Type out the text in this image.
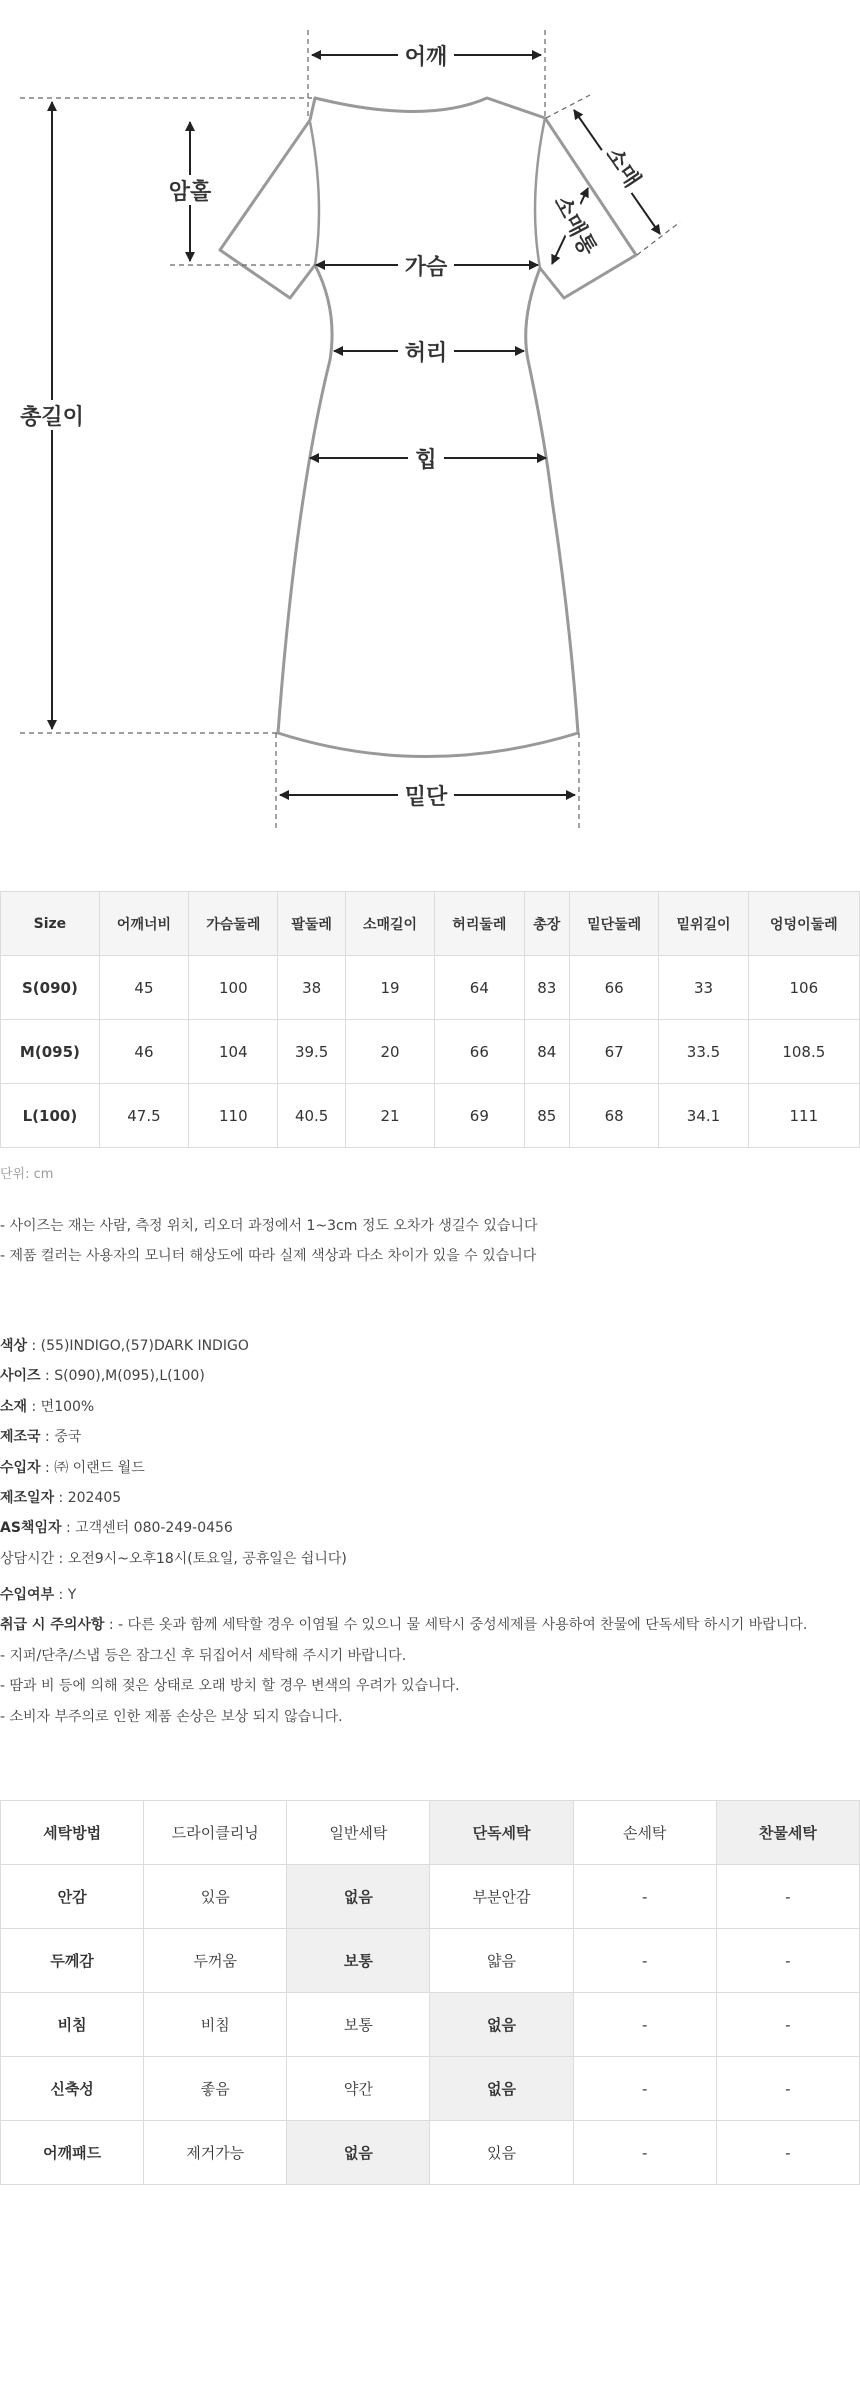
어깨
암홀
가슴
허리
총길이
힙
밑단
소매
소매통
Size	어깨너비	가슴둘레	팔둘레	소매길이	허리둘레	총장	밑단둘레	밑위길이	엉덩이둘레
S(090)	45	100	38	19	64	83	66	33	106
M(095)	46	104	39.5	20	66	84	67	33.5	108.5
L(100)	47.5	110	40.5	21	69	85	68	34.1	111
단위: cm
- 사이즈는 재는 사람, 측정 위치, 리오더 과정에서 1~3cm 정도 오차가 생길수 있습니다
- 제품 컬러는 사용자의 모니터 해상도에 따라 실제 색상과 다소 차이가 있을 수 있습니다
색상 : (55)INDIGO,(57)DARK INDIGO
사이즈 : S(090),M(095),L(100)
소재 : 면100%
제조국 : 중국
수입자 : ㈜ 이랜드 월드
제조일자 : 202405
AS책임자 : 고객센터 080-249-0456
상담시간 : 오전9시~오후18시(토요일, 공휴일은 쉽니다)
수입여부 : Y
취급 시 주의사항 : - 다른 옷과 함께 세탁할 경우 이염될 수 있으니 물 세탁시 중성세제를 사용하여 찬물에 단독세탁 하시기 바랍니다.
- 지퍼/단추/스냅 등은 잠그신 후 뒤집어서 세탁해 주시기 바랍니다.
- 땀과 비 등에 의해 젖은 상태로 오래 방치 할 경우 변색의 우려가 있습니다.
- 소비자 부주의로 인한 제품 손상은 보상 되지 않습니다.
세탁방법	드라이클리닝	일반세탁	단독세탁	손세탁	찬물세탁
안감	있음	없음	부분안감	-	-
두께감	두꺼움	보통	얇음	-	-
비침	비침	보통	없음	-	-
신축성	좋음	약간	없음	-	-
어깨패드	제거가능	없음	있음	-	-
